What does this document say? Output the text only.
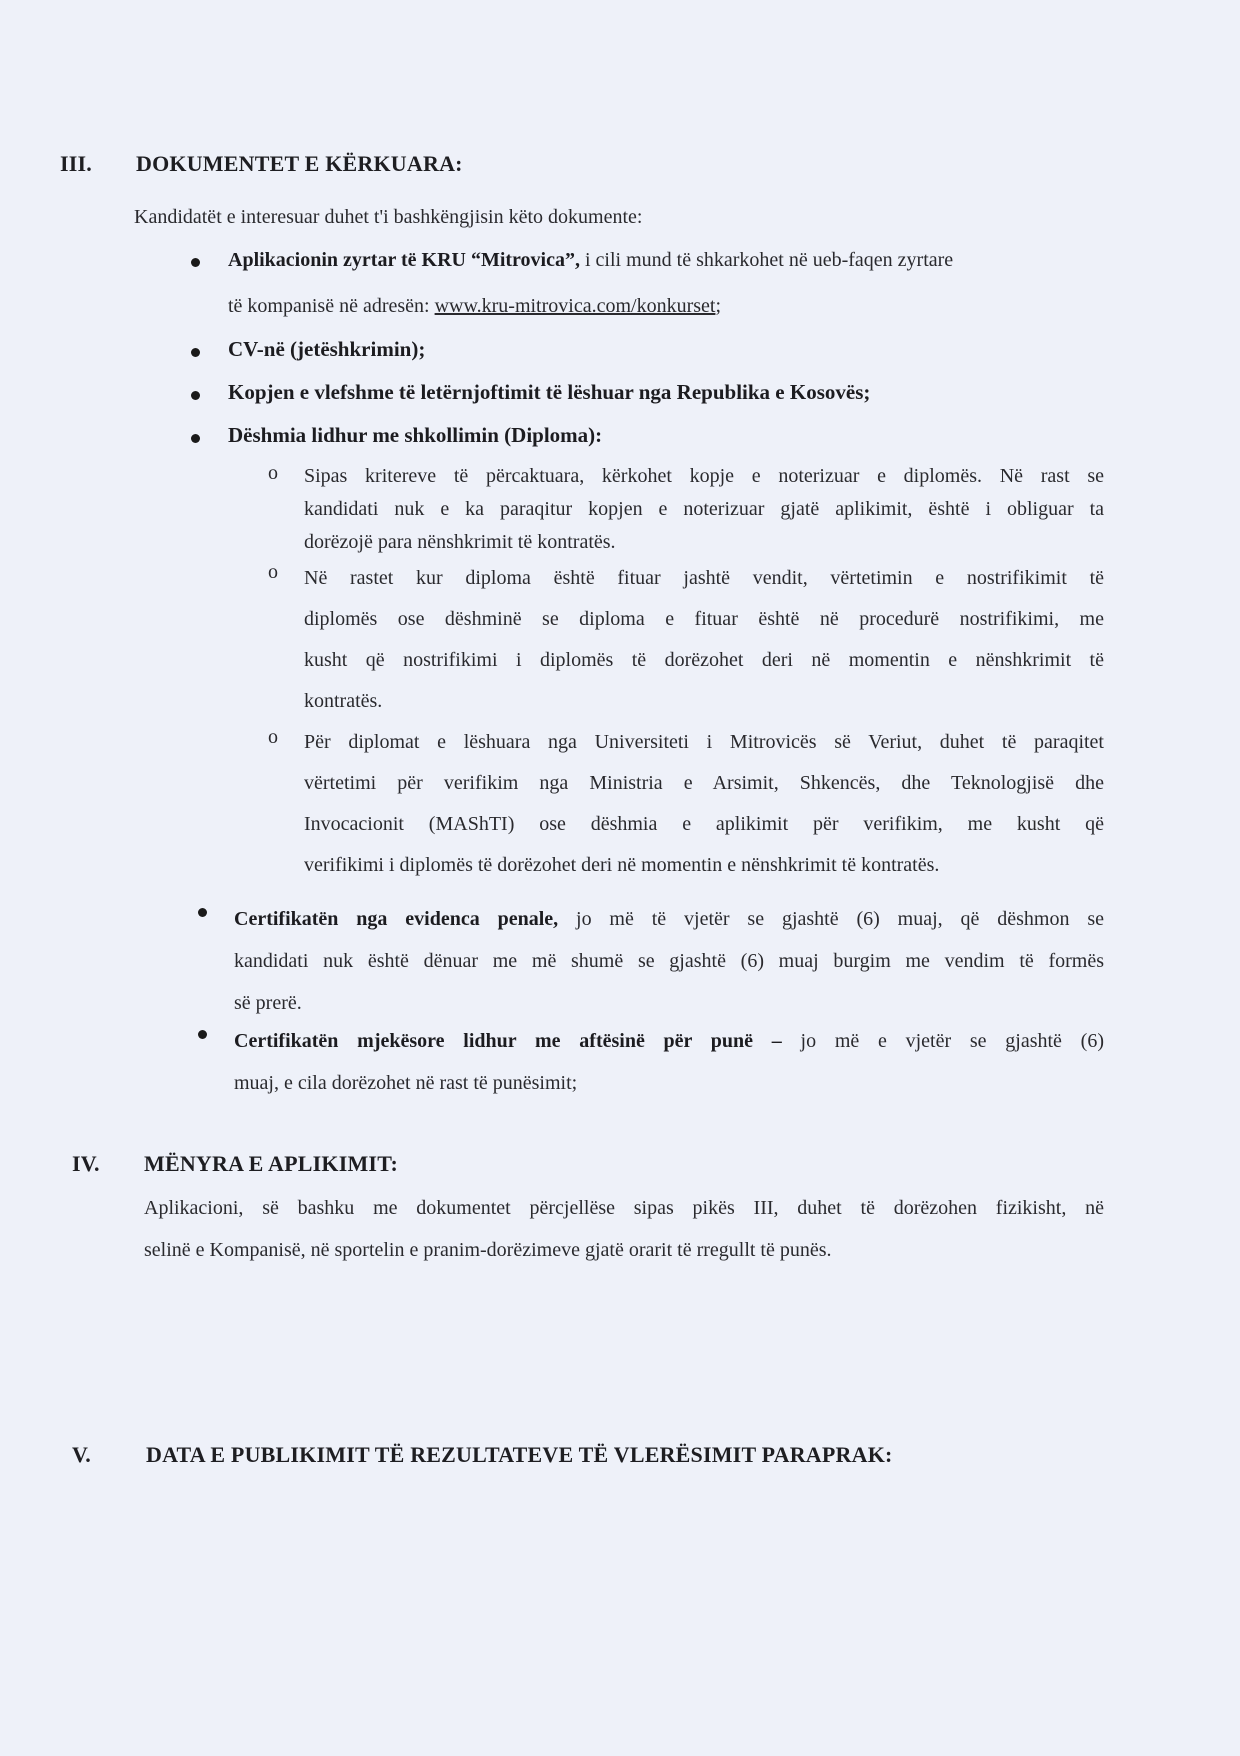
III. DOKUMENTET E KËRKUARA:
Kandidatët e interesuar duhet t'i bashkëngjisin këto dokumente:
Aplikacionin zyrtar të KRU “Mitrovica”, i cili mund të shkarkohet në ueb-faqen zyrtare
të kompanisë në adresën: www.kru-mitrovica.com/konkurset;
CV-në (jetëshkrimin);
Kopjen e vlefshme të letërnjoftimit të lëshuar nga Republika e Kosovës;
Dëshmia lidhur me shkollimin (Diploma):
o Sipas kritereve të përcaktuara, kërkohet kopje e noterizuar e diplomës. Në rast se
kandidati nuk e ka paraqitur kopjen e noterizuar gjatë aplikimit, është i obliguar ta
dorëzojë para nënshkrimit të kontratës.
o Në rastet kur diploma është fituar jashtë vendit, vërtetimin e nostrifikimit të
diplomës ose dëshminë se diploma e fituar është në procedurë nostrifikimi, me
kusht që nostrifikimi i diplomës të dorëzohet deri në momentin e nënshkrimit të
kontratës.
o Për diplomat e lëshuara nga Universiteti i Mitrovicës së Veriut, duhet të paraqitet
vërtetimi për verifikim nga Ministria e Arsimit, Shkencës, dhe Teknologjisë dhe
Invocacionit (MAShTI) ose dëshmia e aplikimit për verifikim, me kusht që
verifikimi i diplomës të dorëzohet deri në momentin e nënshkrimit të kontratës.
Certifikatën nga evidenca penale, jo më të vjetër se gjashtë (6) muaj, që dëshmon se
kandidati nuk është dënuar me më shumë se gjashtë (6) muaj burgim me vendim të formës
së prerë.
Certifikatën mjekësore lidhur me aftësinë për punë – jo më e vjetër se gjashtë (6)
muaj, e cila dorëzohet në rast të punësimit;
IV. MËNYRA E APLIKIMIT:
Aplikacioni, së bashku me dokumentet përcjellëse sipas pikës III, duhet të dorëzohen fizikisht, në
selinë e Kompanisë, në sportelin e pranim-dorëzimeve gjatë orarit të rregullt të punës.
V.	DATA E PUBLIKIMIT TË REZULTATEVE TË VLERËSIMIT PARAPRAK:
